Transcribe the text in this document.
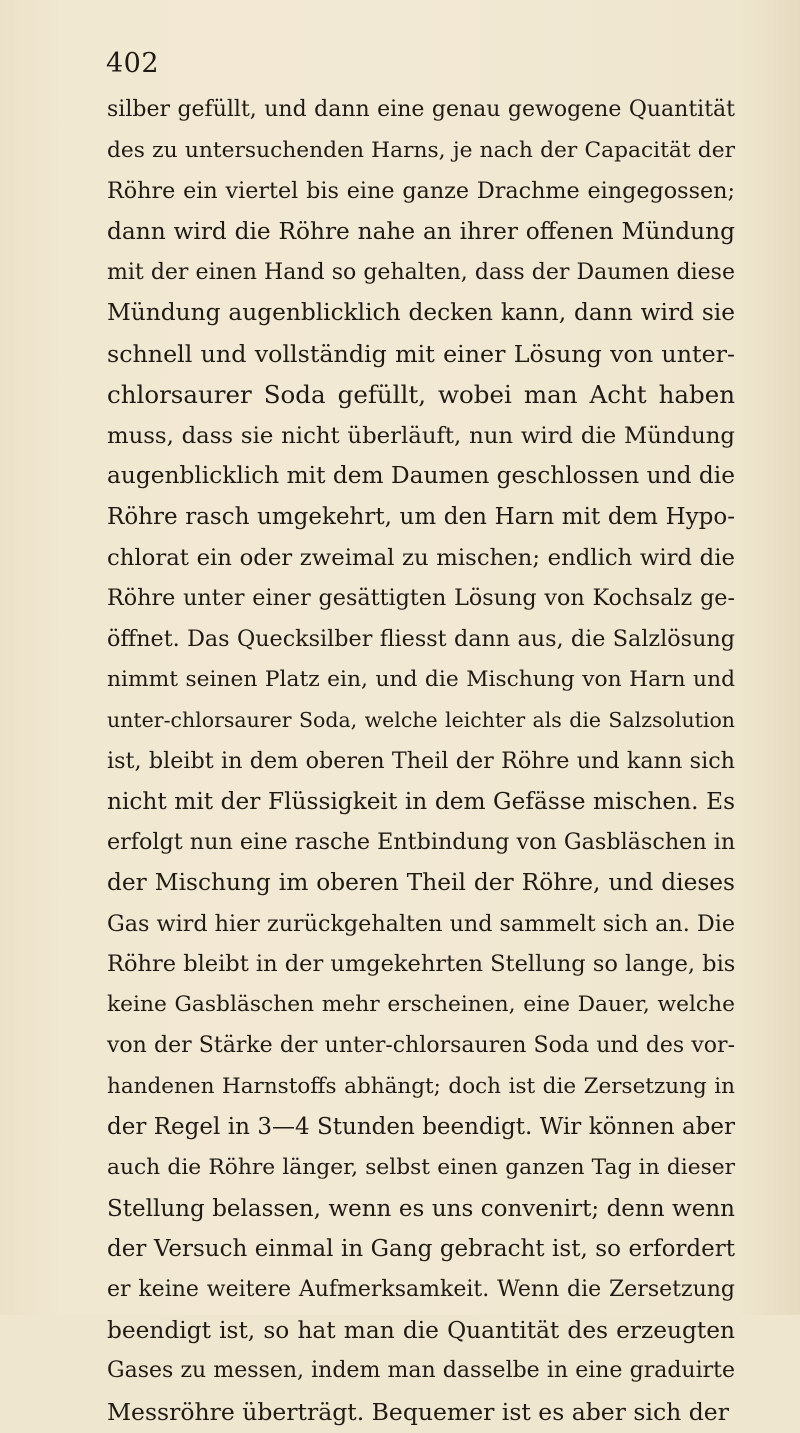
402
silber gefüllt, und dann eine genau gewogene Quantität
des zu untersuchenden Harns, je nach der Capacität der
Röhre ein viertel bis eine ganze Drachme eingegossen;
dann wird die Röhre nahe an ihrer offenen Mündung
mit der einen Hand so gehalten, dass der Daumen diese
Mündung augenblicklich decken kann, dann wird sie
schnell und vollständig mit einer Lösung von unter-
chlorsaurer Soda gefüllt, wobei man Acht haben
muss, dass sie nicht überläuft, nun wird die Mündung
augenblicklich mit dem Daumen geschlossen und die
Röhre rasch umgekehrt, um den Harn mit dem Hypo-
chlorat ein oder zweimal zu mischen; endlich wird die
Röhre unter einer gesättigten Lösung von Kochsalz ge-
öffnet. Das Quecksilber fliesst dann aus, die Salzlösung
nimmt seinen Platz ein, und die Mischung von Harn und
unter-chlorsaurer Soda, welche leichter als die Salzsolution
ist, bleibt in dem oberen Theil der Röhre und kann sich
nicht mit der Flüssigkeit in dem Gefässe mischen. Es
erfolgt nun eine rasche Entbindung von Gasbläschen in
der Mischung im oberen Theil der Röhre, und dieses
Gas wird hier zurückgehalten und sammelt sich an. Die
Röhre bleibt in der umgekehrten Stellung so lange, bis
keine Gasbläschen mehr erscheinen, eine Dauer, welche
von der Stärke der unter-chlorsauren Soda und des vor-
handenen Harnstoffs abhängt; doch ist die Zersetzung in
der Regel in 3—4 Stunden beendigt. Wir können aber
auch die Röhre länger, selbst einen ganzen Tag in dieser
Stellung belassen, wenn es uns convenirt; denn wenn
der Versuch einmal in Gang gebracht ist, so erfordert
er keine weitere Aufmerksamkeit. Wenn die Zersetzung
beendigt ist, so hat man die Quantität des erzeugten
Gases zu messen, indem man dasselbe in eine graduirte
Messröhre überträgt. Bequemer ist es aber sich der
